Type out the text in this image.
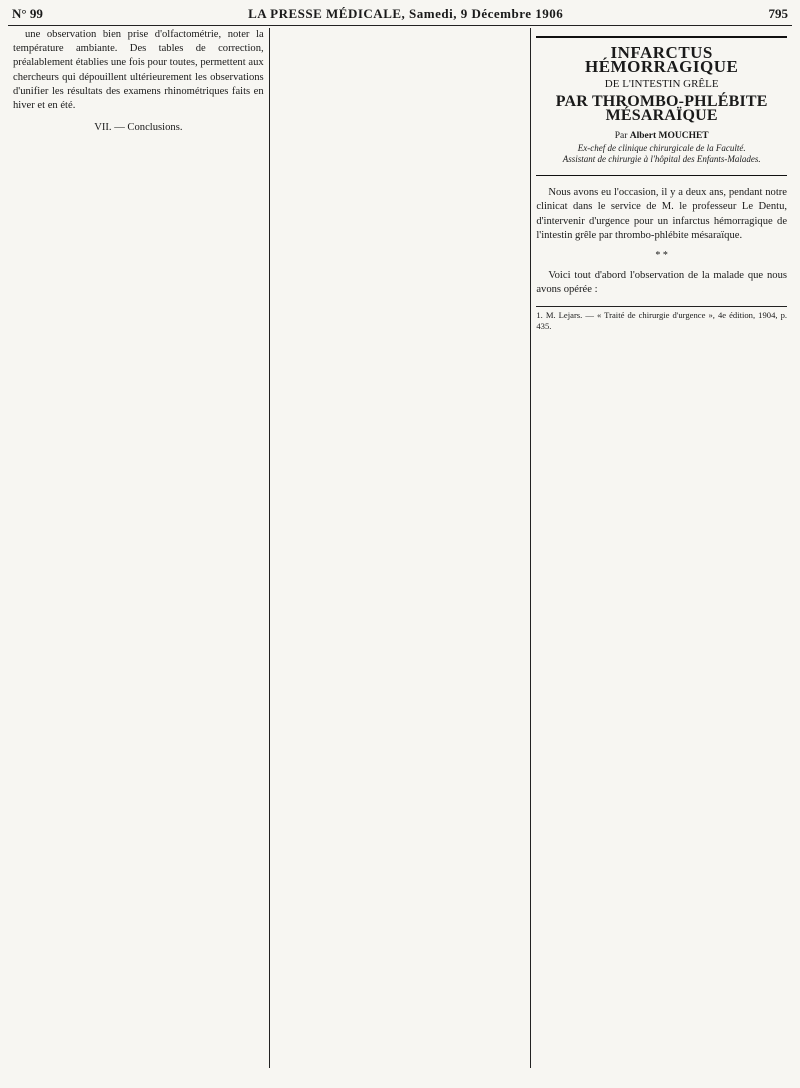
N° 99	LA PRESSE MÉDICALE, Samedi, 9 Décembre 1906	795

une observation bien prise d'olfactométrie, noter la température ambiante. Des tables de correction, préalablement établies une fois pour toutes, permettent aux chercheurs qui dépouillent ultérieurement les observations d'unifier les résultats des examens rhinométriques faits en hiver et en été.

VII. — Conclusions.
INFARCTUS HÉMORRAGIQUE
DE L'INTESTIN GRÊLE
PAR THROMBO-PHLÉBITE MÉSARAÏQUE
Par Albert MOUCHET
Ex-chef de clinique chirurgicale de la Faculté.
Assistant de chirurgie à l'hôpital des Enfants-Malades.

Nous avons eu l'occasion, il y a deux ans, pendant notre clinicat dans le service de M. le professeur Le Dentu, d'intervenir d'urgence pour un infarctus hémorragique de l'intestin grêle par thrombo-phlébite mésaraïque.

* *

Voici tout d'abord l'observation de la malade que nous avons opérée :

1. M. Lejars. — « Traité de chirurgie d'urgence », 4e édition, 1904, p. 435.
